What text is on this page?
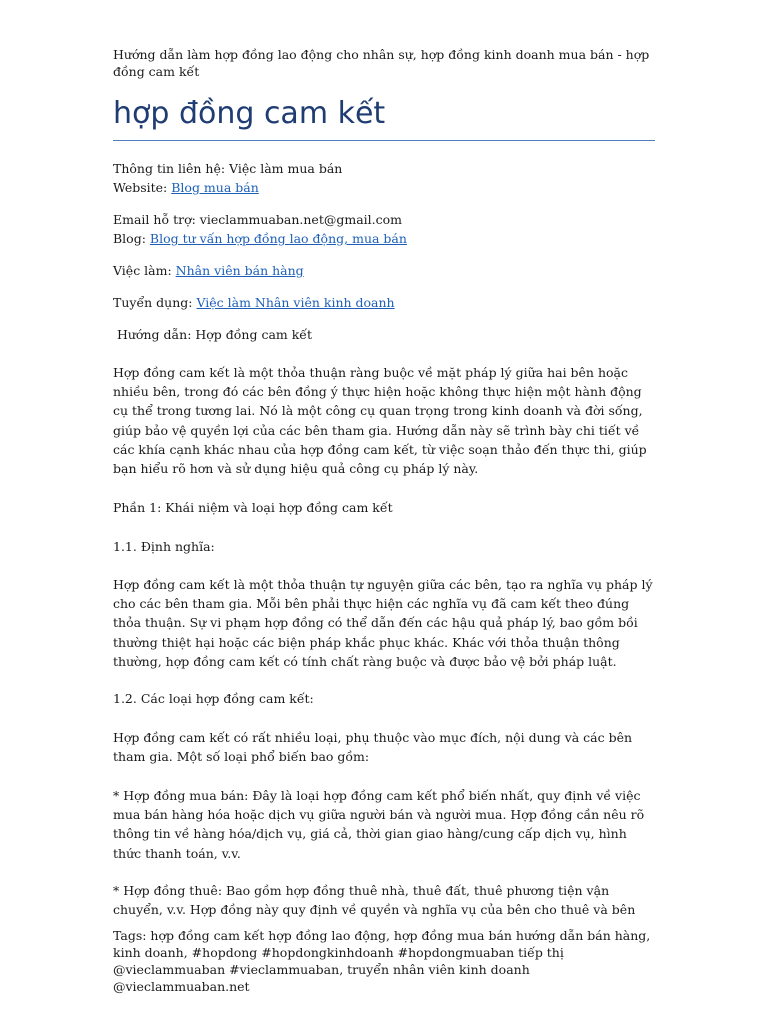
Hướng dẫn làm hợp đồng lao động cho nhân sự, hợp đồng kinh doanh mua bán - hợp đồng cam kết
hợp đồng cam kết
Thông tin liên hệ: Việc làm mua bán
Website: Blog mua bán
Email hỗ trợ: vieclammuaban.net@gmail.com
Blog: Blog tư vấn hợp đồng lao động, mua bán
Việc làm: Nhân viên bán hàng
Tuyển dụng: Việc làm Nhân viên kinh doanh
Hướng dẫn: Hợp đồng cam kết
Hợp đồng cam kết là một thỏa thuận ràng buộc về mặt pháp lý giữa hai bên hoặc nhiều bên, trong đó các bên đồng ý thực hiện hoặc không thực hiện một hành động cụ thể trong tương lai. Nó là một công cụ quan trọng trong kinh doanh và đời sống, giúp bảo vệ quyền lợi của các bên tham gia. Hướng dẫn này sẽ trình bày chi tiết về các khía cạnh khác nhau của hợp đồng cam kết, từ việc soạn thảo đến thực thi, giúp bạn hiểu rõ hơn và sử dụng hiệu quả công cụ pháp lý này.
Phần 1: Khái niệm và loại hợp đồng cam kết
1.1. Định nghĩa:
Hợp đồng cam kết là một thỏa thuận tự nguyện giữa các bên, tạo ra nghĩa vụ pháp lý cho các bên tham gia. Mỗi bên phải thực hiện các nghĩa vụ đã cam kết theo đúng thỏa thuận. Sự vi phạm hợp đồng có thể dẫn đến các hậu quả pháp lý, bao gồm bồi thường thiệt hại hoặc các biện pháp khắc phục khác. Khác với thỏa thuận thông thường, hợp đồng cam kết có tính chất ràng buộc và được bảo vệ bởi pháp luật.
1.2. Các loại hợp đồng cam kết:
Hợp đồng cam kết có rất nhiều loại, phụ thuộc vào mục đích, nội dung và các bên tham gia. Một số loại phổ biến bao gồm:
* Hợp đồng mua bán: Đây là loại hợp đồng cam kết phổ biến nhất, quy định về việc mua bán hàng hóa hoặc dịch vụ giữa người bán và người mua. Hợp đồng cần nêu rõ thông tin về hàng hóa/dịch vụ, giá cả, thời gian giao hàng/cung cấp dịch vụ, hình thức thanh toán, v.v.
* Hợp đồng thuê: Bao gồm hợp đồng thuê nhà, thuê đất, thuê phương tiện vận chuyển, v.v. Hợp đồng này quy định về quyền và nghĩa vụ của bên cho thuê và bên
Tags: hợp đồng cam kết hợp đồng lao động, hợp đồng mua bán hướng dẫn bán hàng, kinh doanh, #hopdong #hopdongkinhdoanh #hopdongmuaban tiếp thị @vieclammuaban #vieclammuaban, truyển nhân viên kinh doanh @vieclammuaban.net
